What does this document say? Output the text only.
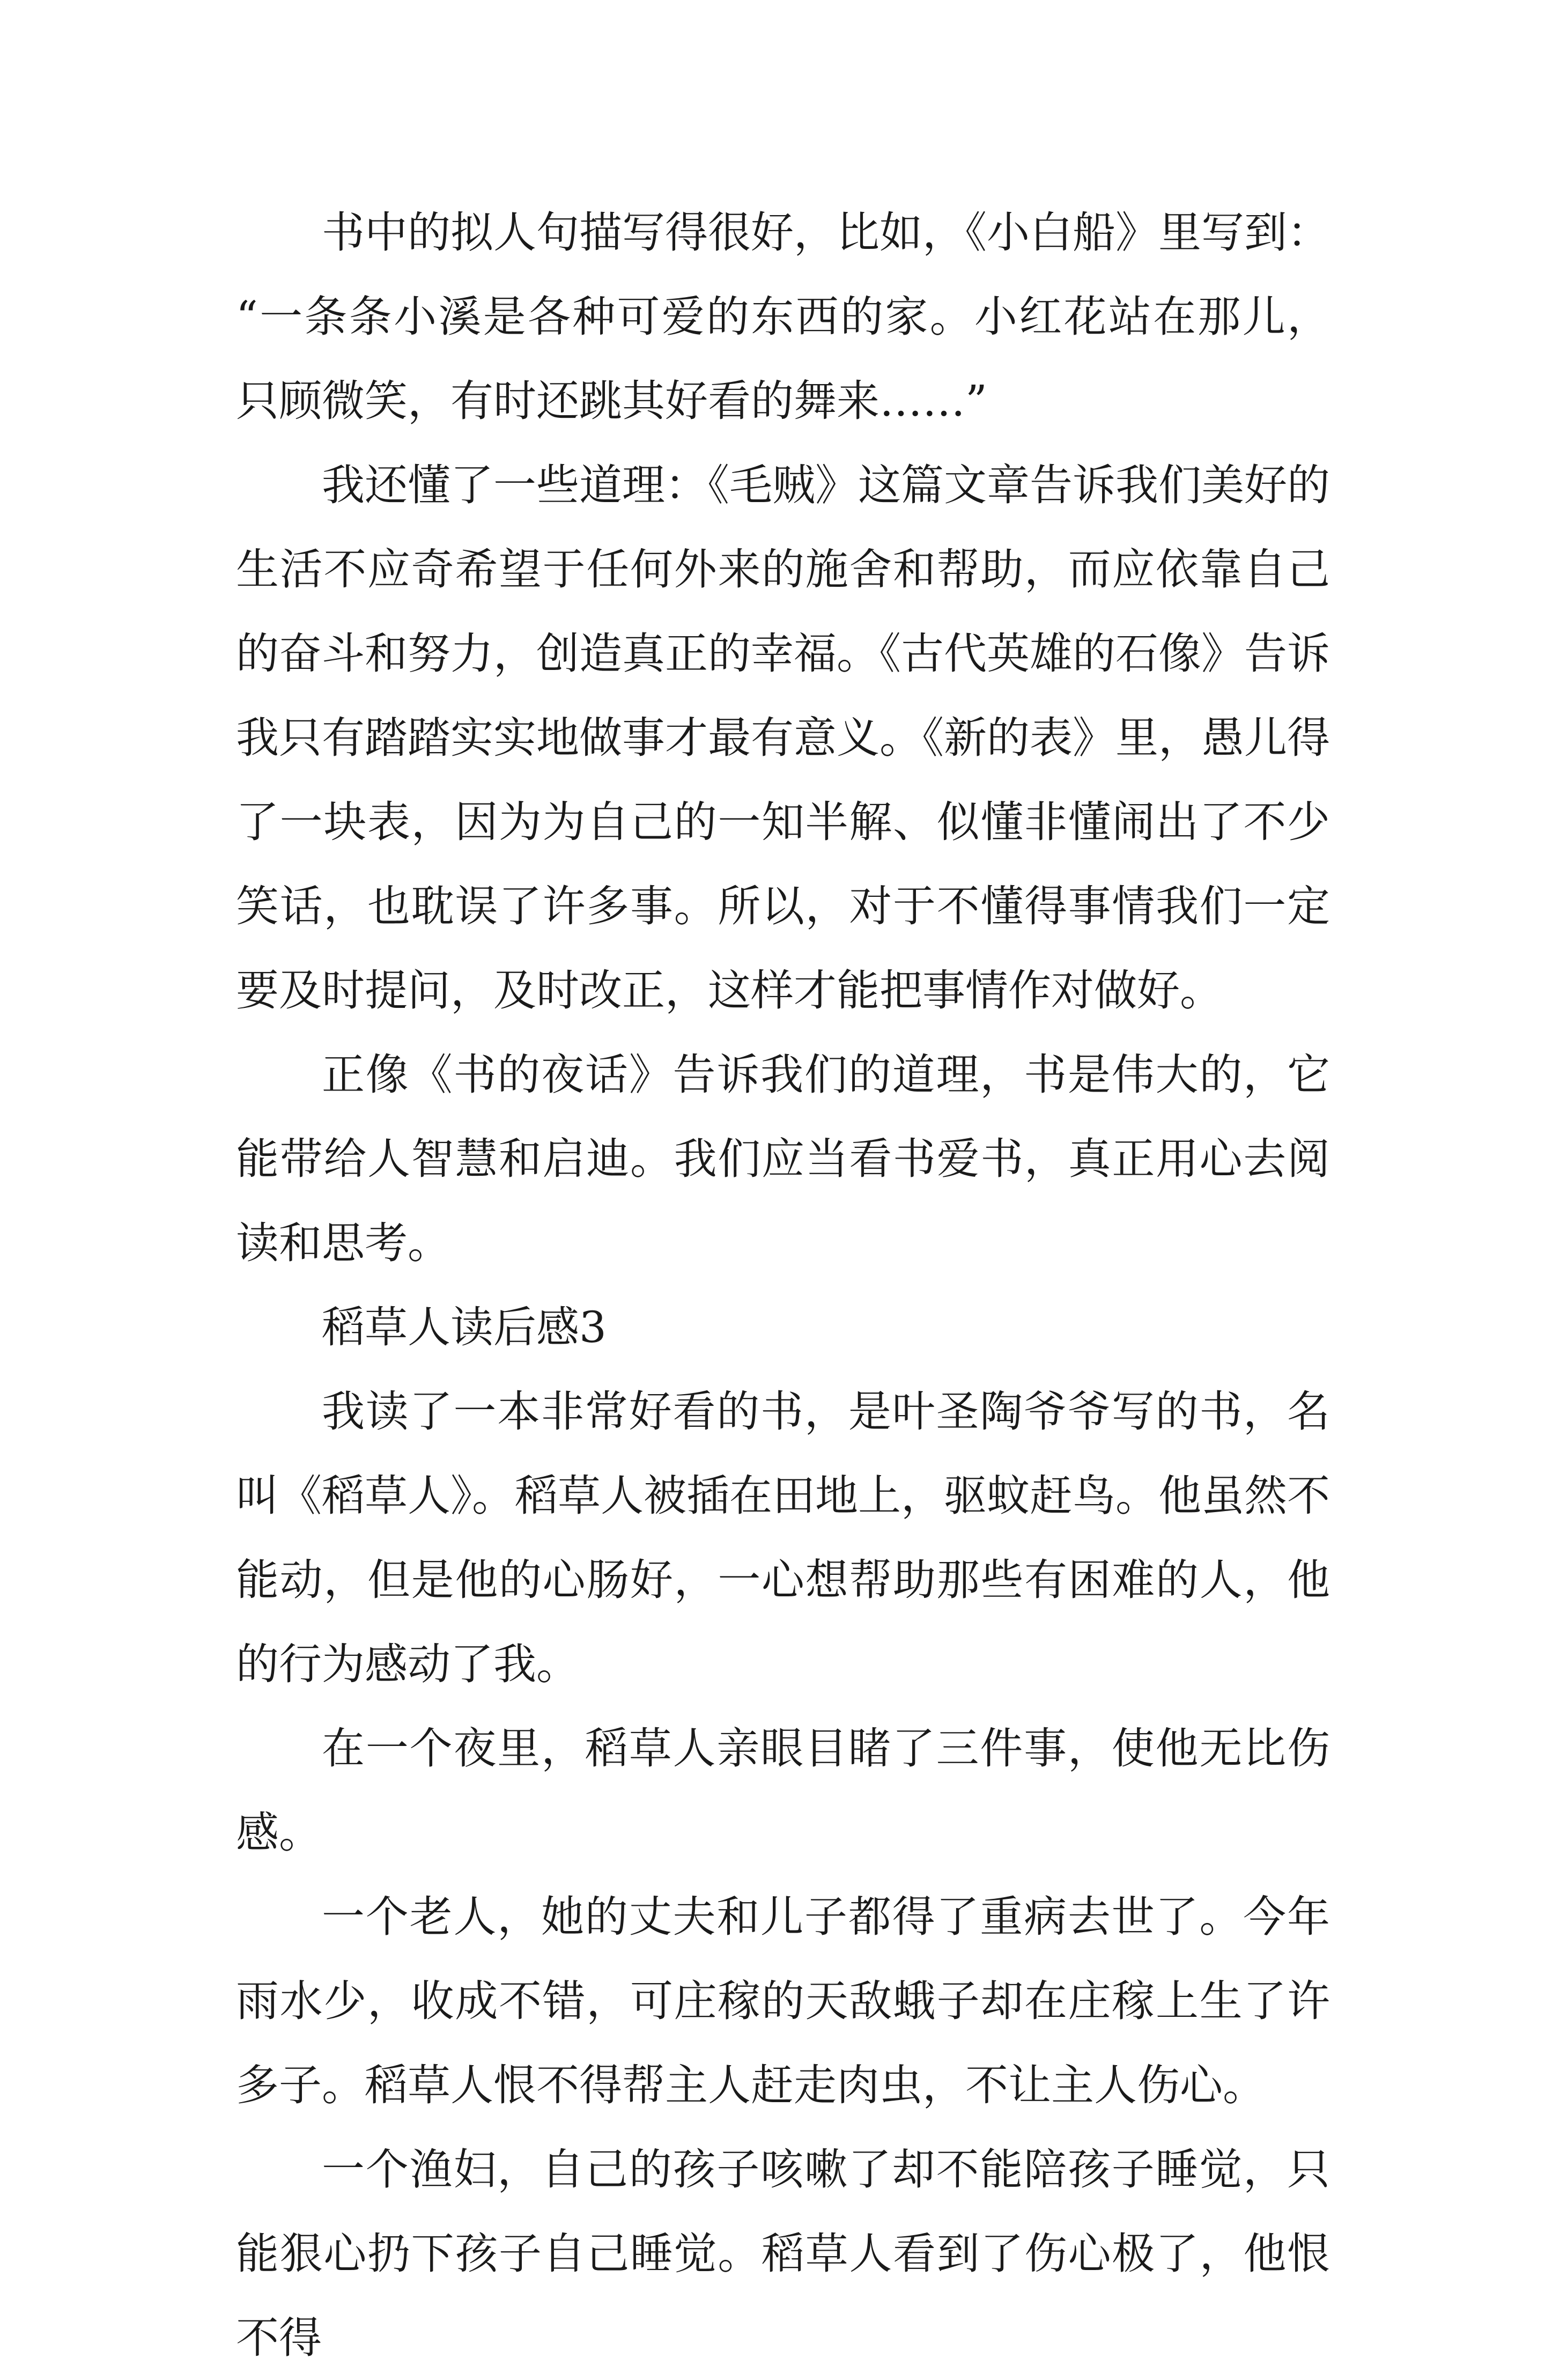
书中的拟人句描写得很好，比如，《小白船》里写到：“一条条小溪是各种可爱的东西的家。小红花站在那儿，只顾微笑，有时还跳其好看的舞来……”

我还懂了一些道理：《毛贼》这篇文章告诉我们美好的生活不应奇希望于任何外来的施舍和帮助，而应依靠自己的奋斗和努力，创造真正的幸福。《古代英雄的石像》告诉我只有踏踏实实地做事才最有意义。《新的表》里，愚儿得了一块表，因为为自己的一知半解、似懂非懂闹出了不少笑话，也耽误了许多事。所以，对于不懂得事情我们一定要及时提问，及时改正，这样才能把事情作对做好。

正像《书的夜话》告诉我们的道理，书是伟大的，它能带给人智慧和启迪。我们应当看书爱书，真正用心去阅读和思考。

稻草人读后感3

我读了一本非常好看的书，是叶圣陶爷爷写的书，名叫《稻草人》。稻草人被插在田地上，驱蚊赶鸟。他虽然不能动，但是他的心肠好，一心想帮助那些有困难的人，他的行为感动了我。

在一个夜里，稻草人亲眼目睹了三件事，使他无比伤感。

一个老人，她的丈夫和儿子都得了重病去世了。今年雨水少，收成不错，可庄稼的天敌蛾子却在庄稼上生了许多子。稻草人恨不得帮主人赶走肉虫，不让主人伤心。

一个渔妇，自己的孩子咳嗽了却不能陪孩子睡觉，只能狠心扔下孩子自己睡觉。稻草人看到了伤心极了，他恨不得
